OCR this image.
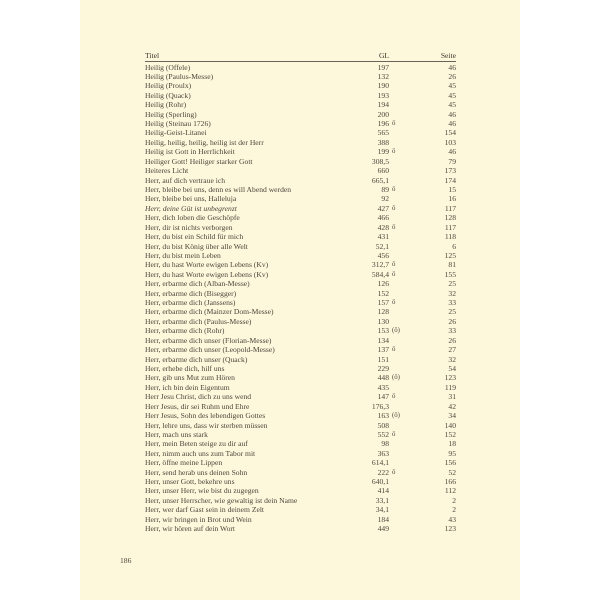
Titel	GL	Seite
Heilig (Offele)	197	46
Heilig (Paulus-Messe)	132	26
Heilig (Proulx)	190	45
Heilig (Quack)	193	45
Heilig (Rohr)	194	45
Heilig (Sperling)	200	46
Heilig (Steinau 1726)	196 ö	46
Heilig-Geist-Litanei	565	154
Heilig, heilig, heilig, heilig ist der Herr	388	103
Heilig ist Gott in Herrlichkeit	199 ö	46
Heiliger Gott! Heiliger starker Gott	308,5	79
Heiteres Licht	660	173
Herr, auf dich vertraue ich	665,1	174
Herr, bleibe bei uns, denn es will Abend werden	89 ö	15
Herr, bleibe bei uns, Halleluja	92	16
Herr, deine Güt ist unbegrenzt	427 ö	117
Herr, dich loben die Geschöpfe	466	128
Herr, dir ist nichts verborgen	428 ö	117
Herr, du bist ein Schild für mich	431	118
Herr, du bist König über alle Welt	52,1	6
Herr, du bist mein Leben	456	125
Herr, du hast Worte ewigen Lebens (Kv)	312,7 ö	81
Herr, du hast Worte ewigen Lebens (Kv)	584,4 ö	155
Herr, erbarme dich (Alban-Messe)	126	25
Herr, erbarme dich (Bisegger)	152	32
Herr, erbarme dich (Janssens)	157 ö	33
Herr, erbarme dich (Mainzer Dom-Messe)	128	25
Herr, erbarme dich (Paulus-Messe)	130	26
Herr, erbarme dich (Rohr)	153 (ö)	33
Herr, erbarme dich unser (Florian-Messe)	134	26
Herr, erbarme dich unser (Leopold-Messe)	137 ö	27
Herr, erbarme dich unser (Quack)	151	32
Herr, erhebe dich, hilf uns	229	54
Herr, gib uns Mut zum Hören	448 (ö)	123
Herr, ich bin dein Eigentum	435	119
Herr Jesu Christ, dich zu uns wend	147 ö	31
Herr Jesus, dir sei Ruhm und Ehre	176,3	42
Herr Jesus, Sohn des lebendigen Gottes	163 (ö)	34
Herr, lehre uns, dass wir sterben müssen	508	140
Herr, mach uns stark	552 ö	152
Herr, mein Beten steige zu dir auf	98	18
Herr, nimm auch uns zum Tabor mit	363	95
Herr, öffne meine Lippen	614,1	156
Herr, send herab uns deinen Sohn	222 ö	52
Herr, unser Gott, bekehre uns	640,1	166
Herr, unser Herr, wie bist du zugegen	414	112
Herr, unser Herrscher, wie gewaltig ist dein Name	33,1	2
Herr, wer darf Gast sein in deinem Zelt	34,1	2
Herr, wir bringen in Brot und Wein	184	43
Herr, wir hören auf dein Wort	449	123
186
